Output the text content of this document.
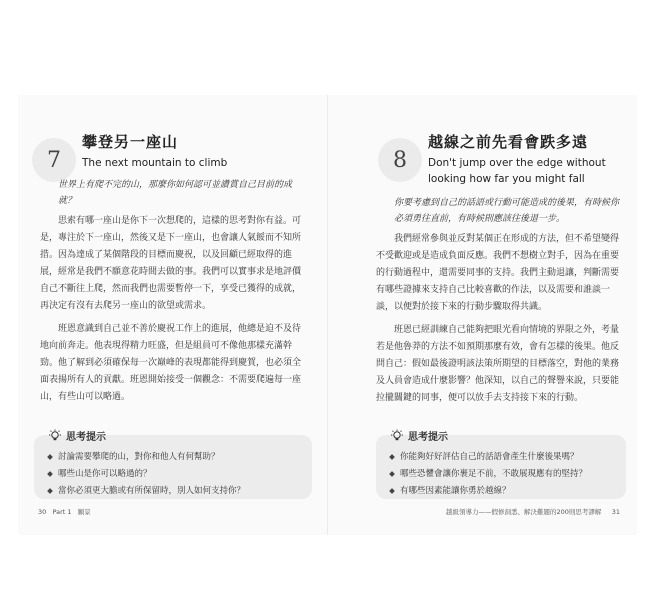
7
攀登另一座山
The next mountain to climb
世界上有爬不完的山，那麼你如何認可並讚賞自己目前的成就？

思索有哪一座山是你下一次想爬的，這樣的思考對你有益。可是，專注於下一座山，然後又是下一座山，也會讓人氣餒而不知所措。因為達成了某個階段的目標而慶祝，以及回顧已經取得的進展，經常是我們不願意花時間去做的事。我們可以實事求是地評價自己不斷往上爬，然而我們也需要暫停一下，享受已獲得的成就，再決定有沒有去爬另一座山的欲望或需求。

班恩意識到自己並不善於慶祝工作上的進展，他總是迫不及待地向前奔走。他表現得精力旺盛，但是組員可不像他那樣充滿幹勁。他了解到必須確保每一次巔峰的表現都能得到慶賀，也必須全面表揚所有人的貢獻。班恩開始接受一個觀念：不需要爬遍每一座山，有些山可以略過。

思考提示
討論需要攀爬的山，對你和他人有何幫助？
哪些山是你可以略過的？
當你必須更大膽或有所保留時，別人如何支持你？
30 Part 1 願景
8
越線之前先看會跌多遠
Don't jump over the edge without looking how far you might fall
你要考慮到自己的話語或行動可能造成的後果，有時候你必須勇往直前，有時候則應該往後退一步。

我們經常參與並反對某個正在形成的方法，但不希望變得不受歡迎或是造成負面反應。我們不想樹立對手，因為在重要的行動過程中，還需要同事的支持。我們主動退讓，判斷需要有哪些證據來支持自己比較喜歡的作法，以及需要和誰談一談，以便對於接下來的行動步驟取得共識。

班恩已經訓練自己能夠把眼光看向情境的界限之外，考量若是他魯莽的方法不如預期那麼有效，會有怎樣的後果。他反問自己：假如最後證明該法策所期望的目標落空，對他的業務及人員會造成什麼影響？他深知，以自己的聲譽來說，只要能拉攏關鍵的同事，便可以放手去支持接下來的行動。

思考提示
你能夠好好評估自己的話語會產生什麼後果嗎？
哪些恐懼會讓你裹足不前，不敢展現應有的堅持？
有哪些因素能讓你勇於越線？
越級領導力——假修洞悉、解決難題的200則思考謬解 31
